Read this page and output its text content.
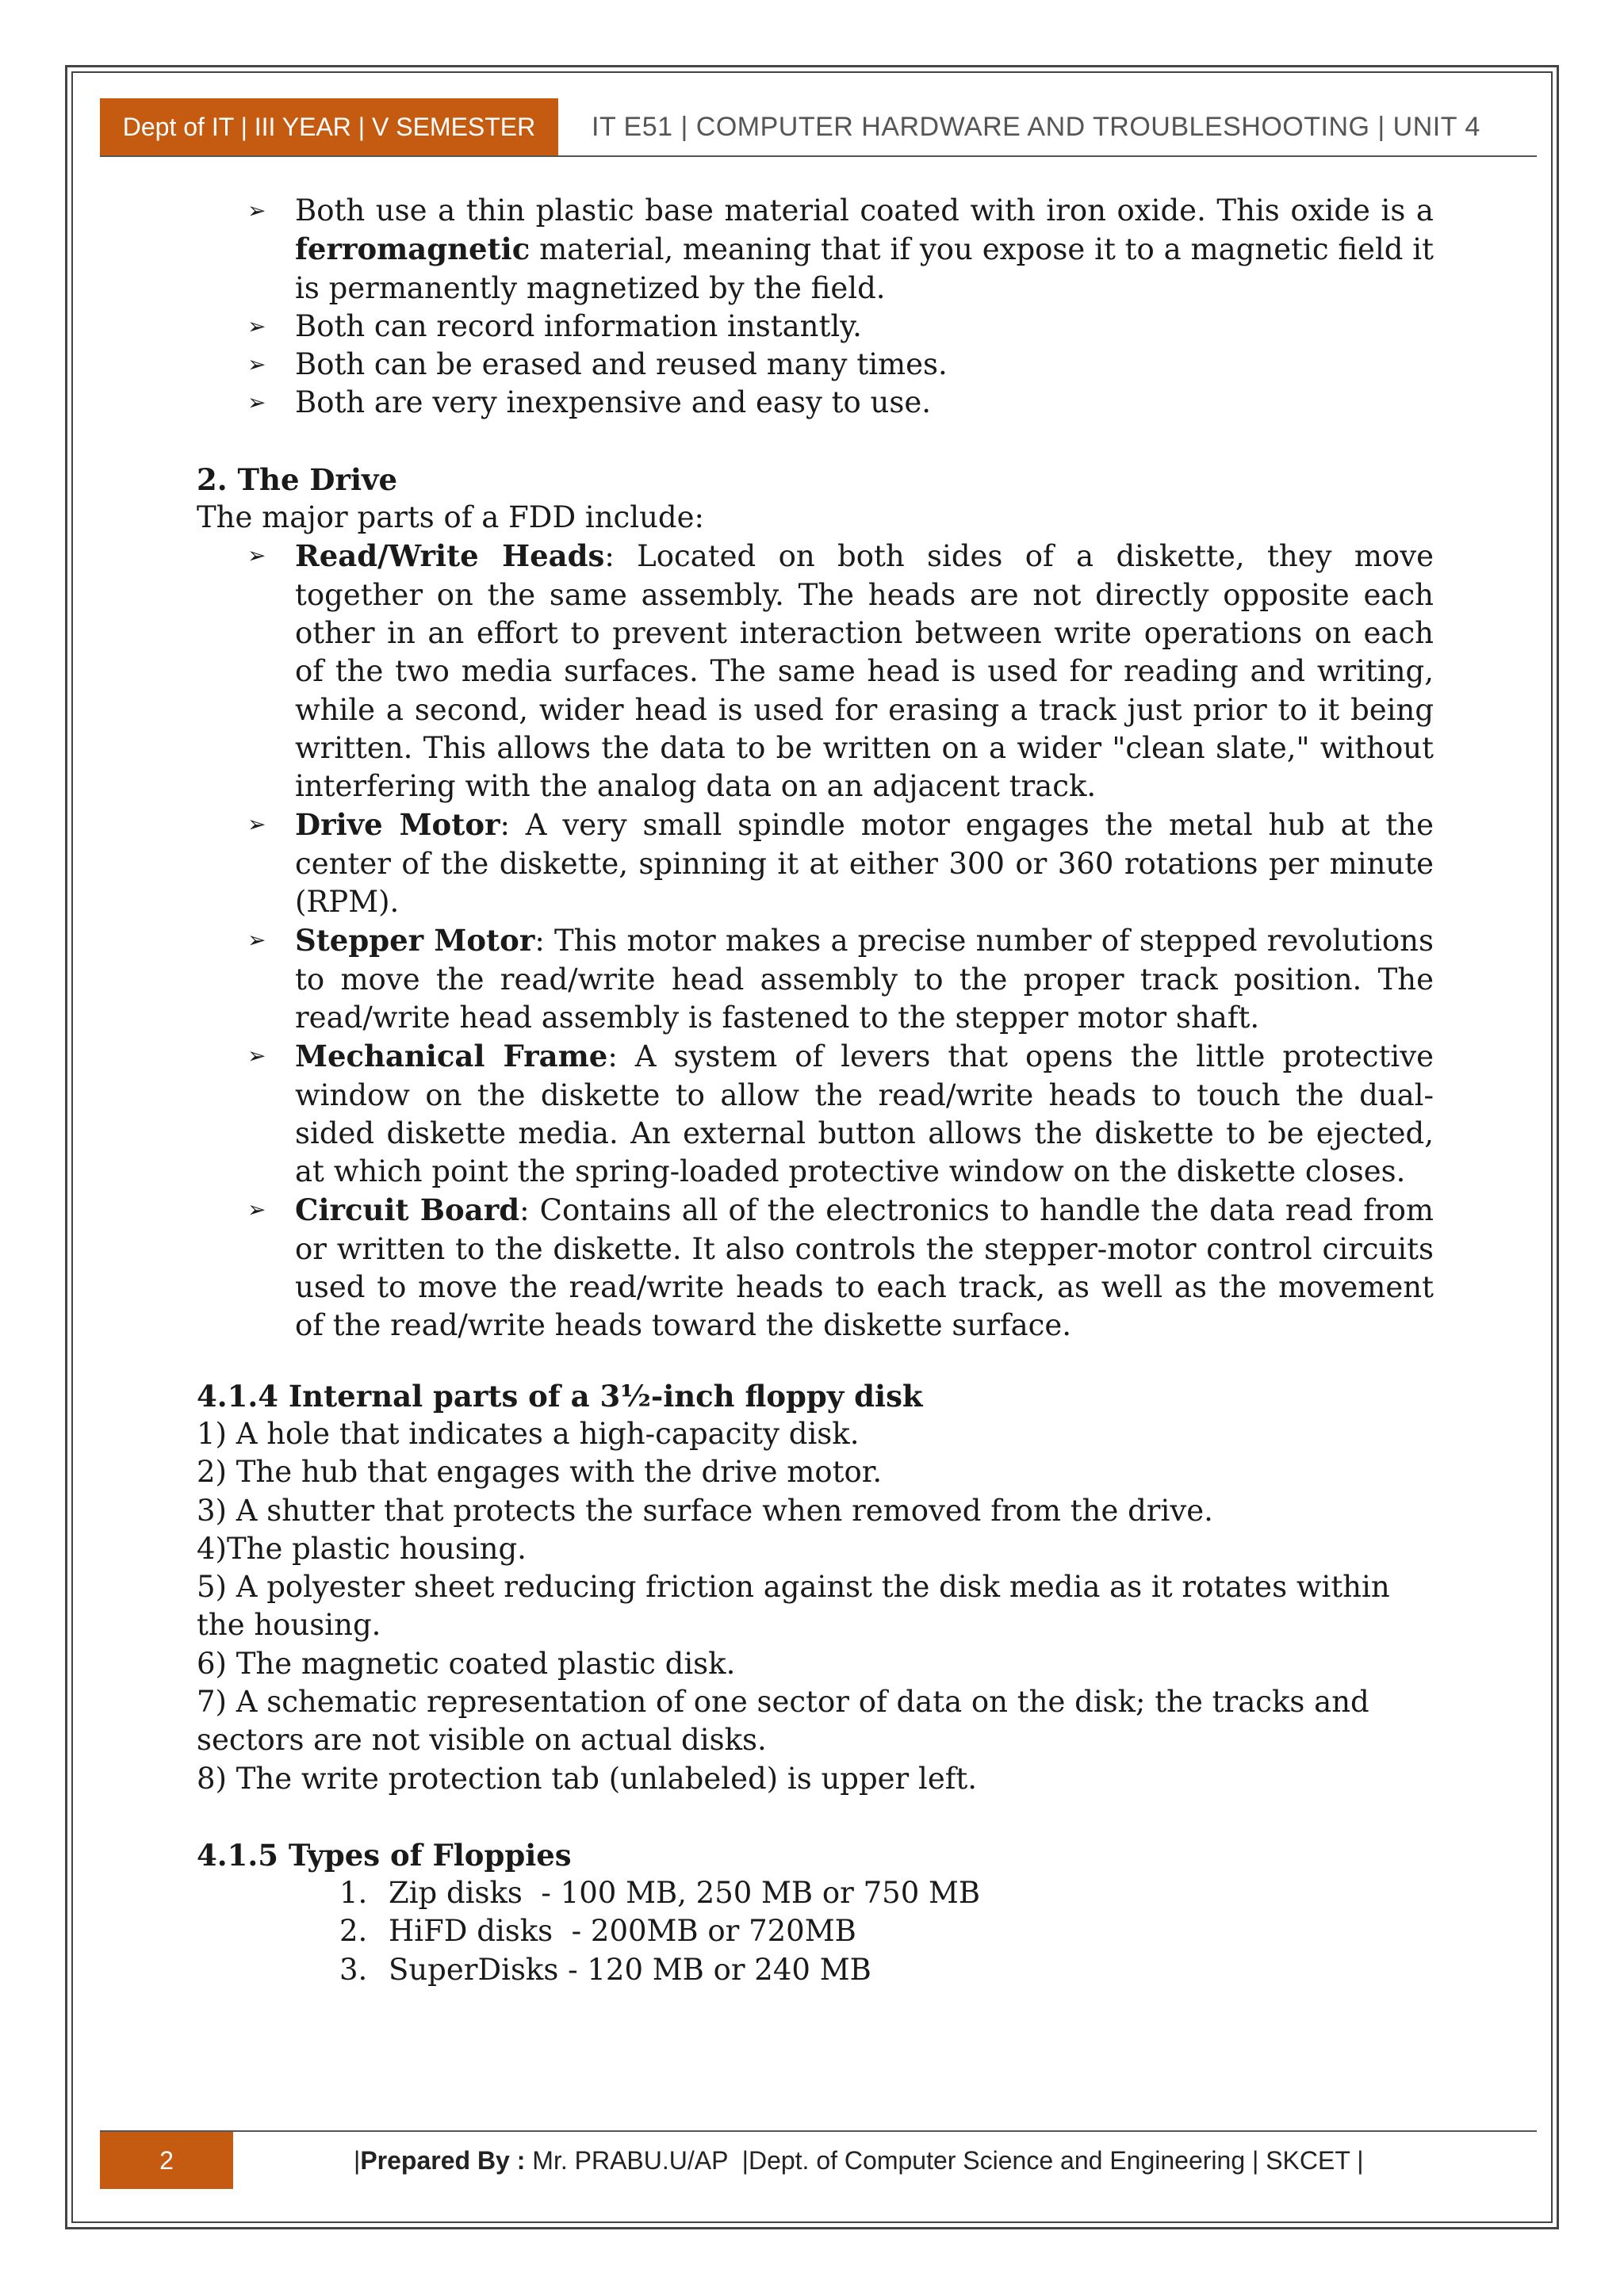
Dept of IT | III YEAR | V SEMESTER IT E51 | COMPUTER HARDWARE AND TROUBLESHOOTING | UNIT 4
➢ Both use a thin plastic base material coated with iron oxide. This oxide is a ferromagnetic material, meaning that if you expose it to a magnetic field it is permanently magnetized by the field.
➢ Both can record information instantly.
➢ Both can be erased and reused many times.
➢ Both are very inexpensive and easy to use.
2. The Drive
The major parts of a FDD include:
➢ Read/Write Heads: Located on both sides of a diskette, they move together on the same assembly. The heads are not directly opposite each other in an effort to prevent interaction between write operations on each of the two media surfaces. The same head is used for reading and writing, while a second, wider head is used for erasing a track just prior to it being written. This allows the data to be written on a wider "clean slate," without interfering with the analog data on an adjacent track.
➢ Drive Motor: A very small spindle motor engages the metal hub at the center of the diskette, spinning it at either 300 or 360 rotations per minute (RPM).
➢ Stepper Motor: This motor makes a precise number of stepped revolutions to move the read/write head assembly to the proper track position. The read/write head assembly is fastened to the stepper motor shaft.
➢ Mechanical Frame: A system of levers that opens the little protective window on the diskette to allow the read/write heads to touch the dual-sided diskette media. An external button allows the diskette to be ejected, at which point the spring-loaded protective window on the diskette closes.
➢ Circuit Board: Contains all of the electronics to handle the data read from or written to the diskette. It also controls the stepper-motor control circuits used to move the read/write heads to each track, as well as the movement of the read/write heads toward the diskette surface.
4.1.4 Internal parts of a 3½-inch floppy disk
1) A hole that indicates a high-capacity disk.
2) The hub that engages with the drive motor.
3) A shutter that protects the surface when removed from the drive.
4)The plastic housing.
5) A polyester sheet reducing friction against the disk media as it rotates within the housing.
6) The magnetic coated plastic disk.
7) A schematic representation of one sector of data on the disk; the tracks and sectors are not visible on actual disks.
8) The write protection tab (unlabeled) is upper left.
4.1.5 Types of Floppies
1. Zip disks  - 100 MB, 250 MB or 750 MB
2. HiFD disks  - 200MB or 720MB
3. SuperDisks - 120 MB or 240 MB
2	| Prepared By : Mr. PRABU.U/AP  |Dept. of Computer Science and Engineering | SKCET |
